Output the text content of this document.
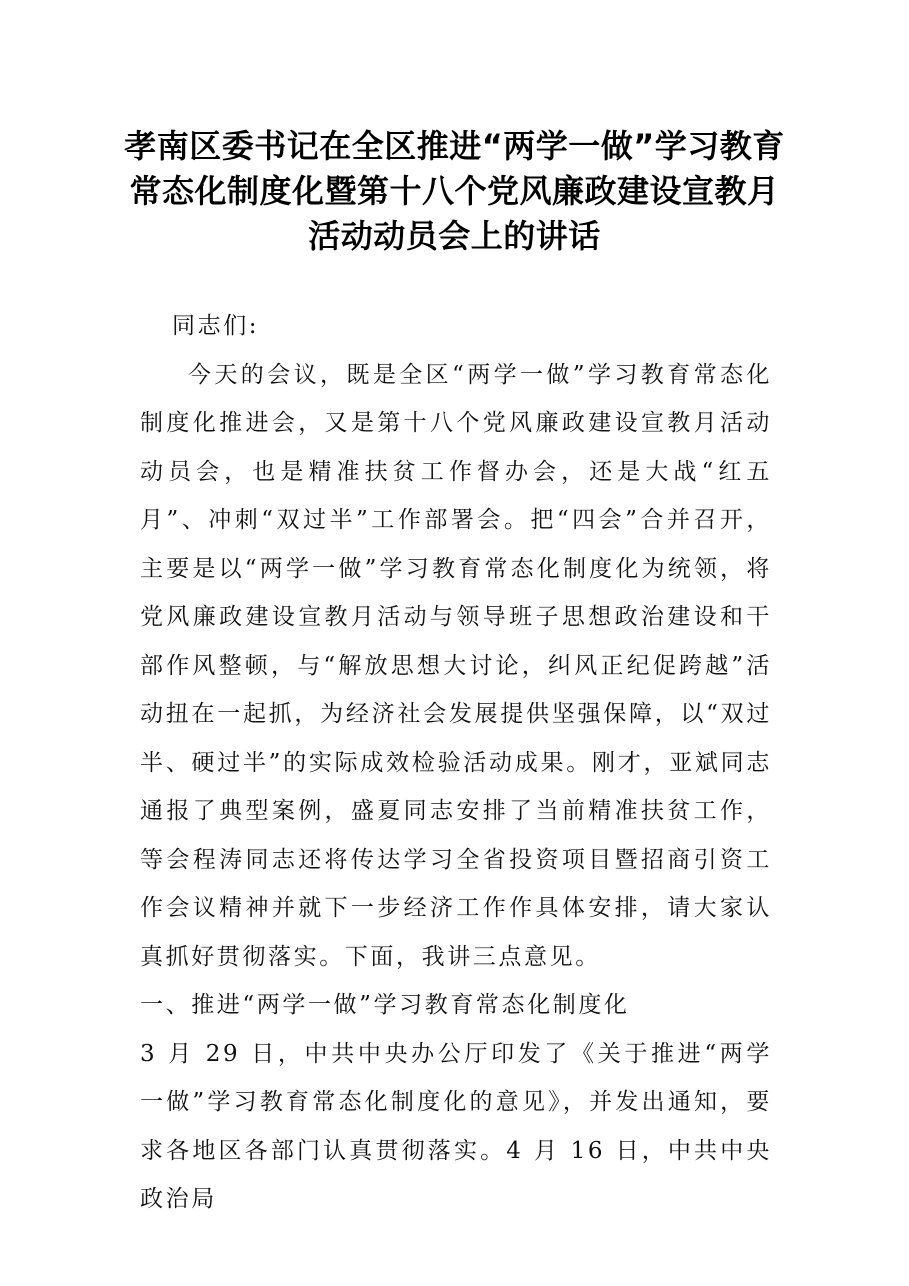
孝南区委书记在全区推进“两学一做”学习教育常态化制度化暨第十八个党风廉政建设宣教月活动动员会上的讲话

同志们:

今天的会议，既是全区“两学一做”学习教育常态化制度化推进会，又是第十八个党风廉政建设宣教月活动动员会，也是精准扶贫工作督办会，还是大战“红五月”、冲刺“双过半”工作部署会。把“四会”合并召开，主要是以“两学一做”学习教育常态化制度化为统领，将党风廉政建设宣教月活动与领导班子思想政治建设和干部作风整顿，与“解放思想大讨论，纠风正纪促跨越”活动扭在一起抓，为经济社会发展提供坚强保障，以“双过半、硬过半”的实际成效检验活动成果。刚才，亚斌同志通报了典型案例，盛夏同志安排了当前精准扶贫工作，等会程涛同志还将传达学习全省投资项目暨招商引资工作会议精神并就下一步经济工作作具体安排，请大家认真抓好贯彻落实。下面，我讲三点意见。

一、推进“两学一做”学习教育常态化制度化

3 月 29 日，中共中央办公厅印发了《关于推进“两学一做”学习教育常态化制度化的意见》，并发出通知，要求各地区各部门认真贯彻落实。4 月 16 日，中共中央政治局
